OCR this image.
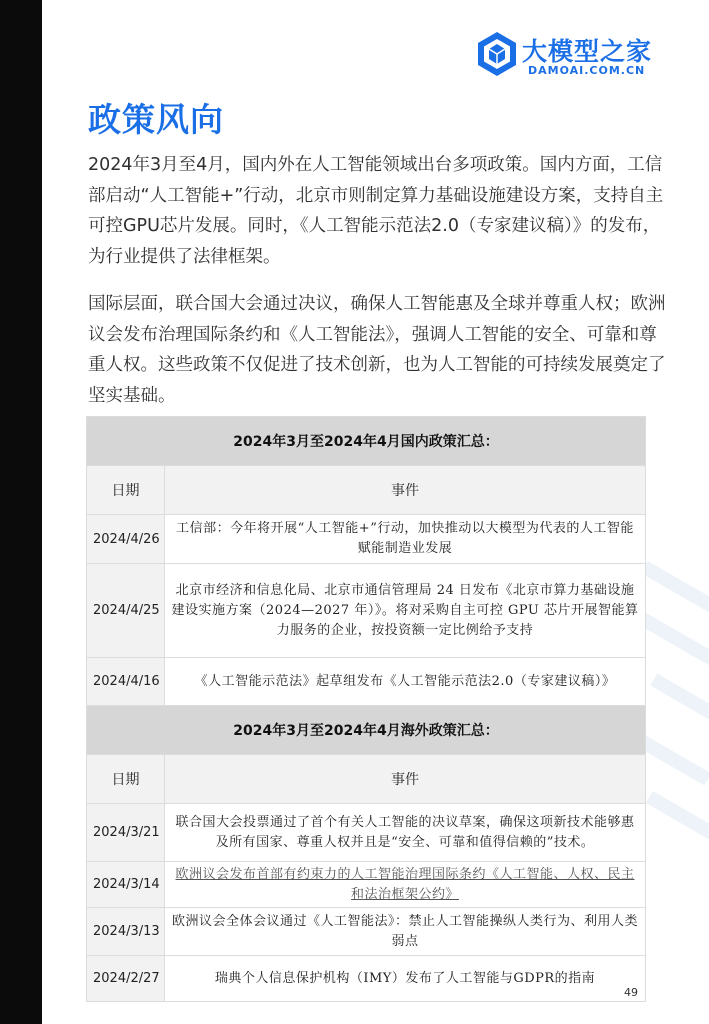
大模型之家
DAMOAI.COM.CN
政策风向
2024年3月至4月，国内外在人工智能领域出台多项政策。国内方面，工信部启动“人工智能+”行动，北京市则制定算力基础设施建设方案，支持自主可控GPU芯片发展。同时，《人工智能示范法2.0（专家建议稿）》的发布，为行业提供了法律框架。
国际层面，联合国大会通过决议，确保人工智能惠及全球并尊重人权；欧洲议会发布治理国际条约和《人工智能法》，强调人工智能的安全、可靠和尊重人权。这些政策不仅促进了技术创新，也为人工智能的可持续发展奠定了坚实基础。
2024年3月至2024年4月国内政策汇总：	
日期	事件
2024/4/26	工信部：今年将开展“人工智能+”行动，加快推动以大模型为代表的人工智能赋能制造业发展
2024/4/25	北京市经济和信息化局、北京市通信管理局 24 日发布《北京市算力基础设施建设实施方案（2024—2027 年）》。将对采购自主可控 GPU 芯片开展智能算力服务的企业，按投资额一定比例给予支持
2024/4/16	《人工智能示范法》起草组发布《人工智能示范法2.0（专家建议稿）》
2024年3月至2024年4月海外政策汇总：	
日期	事件
2024/3/21	联合国大会投票通过了首个有关人工智能的决议草案，确保这项新技术能够惠及所有国家、尊重人权并且是“安全、可靠和值得信赖的”技术。
2024/3/14	欧洲议会发布首部有约束力的人工智能治理国际条约《人工智能、人权、民主和法治框架公约》
2024/3/13	欧洲议会全体会议通过《人工智能法》：禁止人工智能操纵人类行为、利用人类弱点
2024/2/27	瑞典个人信息保护机构（IMY）发布了人工智能与GDPR的指南
49
